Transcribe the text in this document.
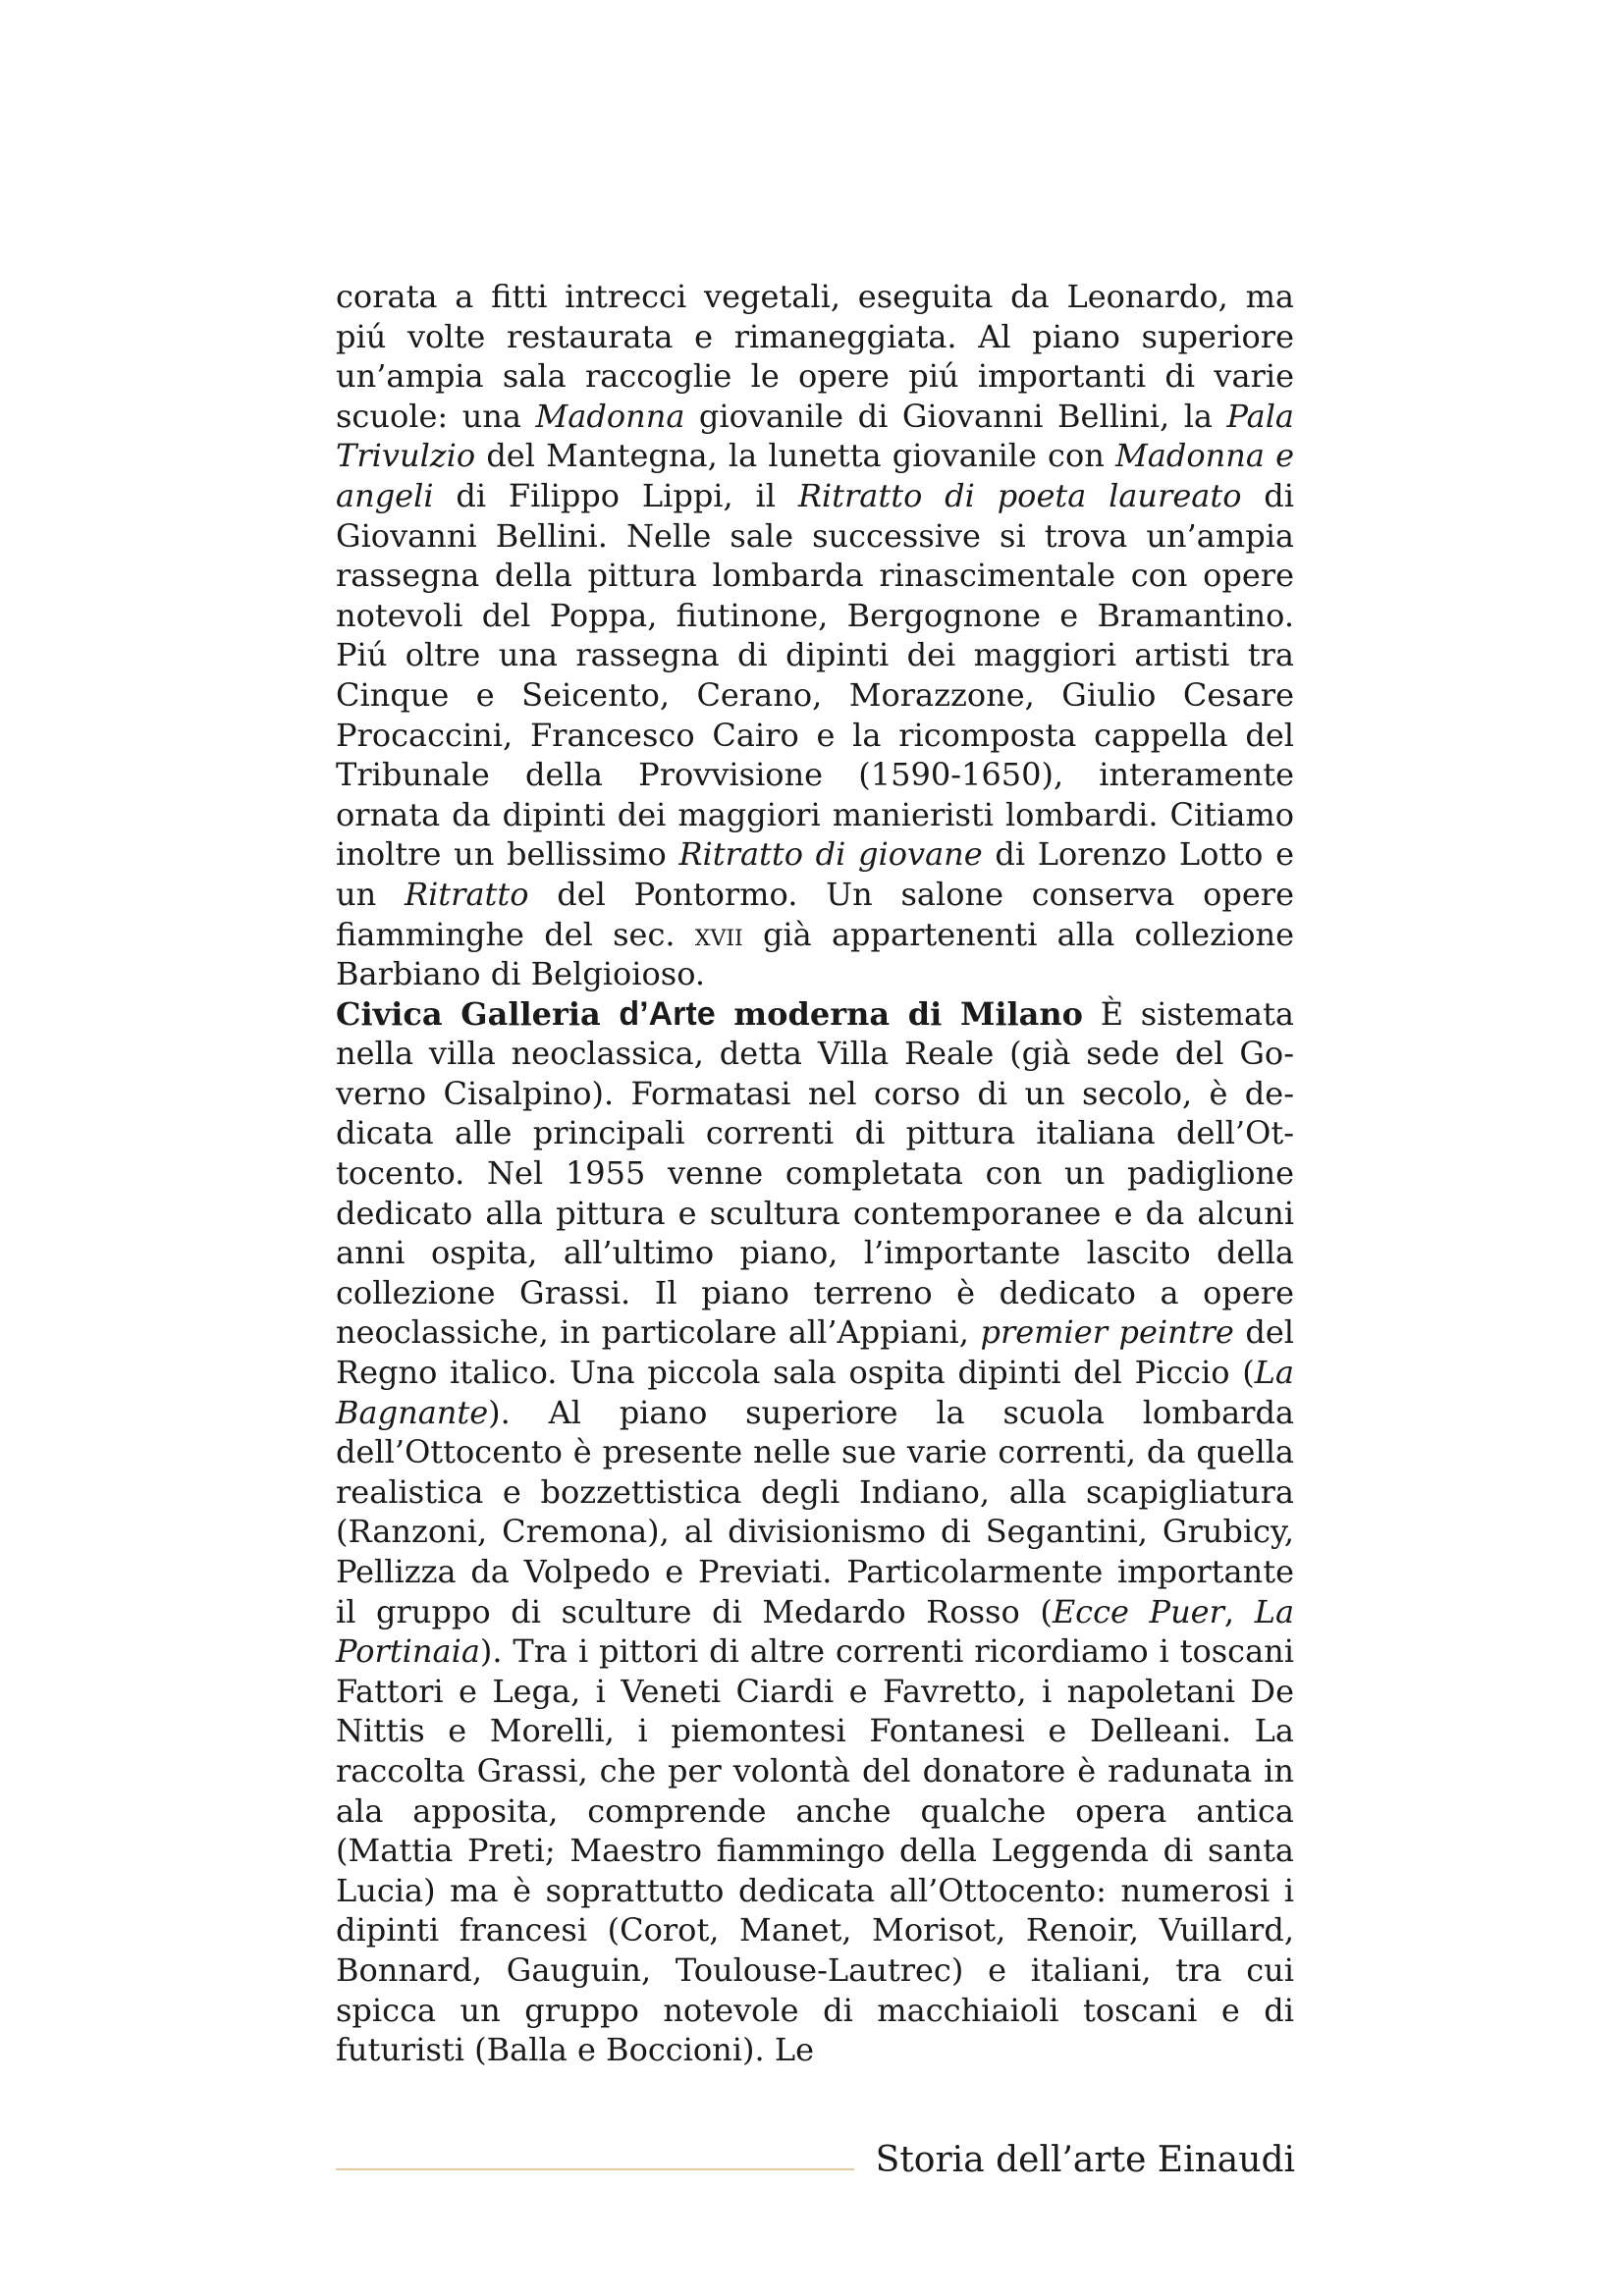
corata a fitti intrecci vegetali, eseguita da Leonardo, ma piú volte restaurata e rimaneggiata. Al piano superiore un’ampia sala raccoglie le opere piú importanti di varie scuole: una Madonna giovanile di Giovanni Bellini, la Pala Trivulzio del Mantegna, la lunetta giovanile con Madonna e angeli di Filippo Lippi, il Ritratto di poeta laureato di Giovanni Bellini. Nelle sale successive si trova un’ampia rassegna della pittura lombarda rinascimentale con opere notevoli del Poppa, fiutinone, Bergognone e Bramantino. Piú oltre una rassegna di dipinti dei maggiori artisti tra Cinque e Seicento, Cerano, Morazzone, Giulio Cesare Procaccini, Francesco Cairo e la ricomposta cappella del Tribunale della Provvisione (1590-1650), interamente ornata da dipinti dei maggiori manieristi lombardi. Citiamo inoltre un bellissimo Ritratto di giovane di Lorenzo Lotto e un Ritratto del Pontormo. Un salone conserva opere fiamminghe del sec. xvii già appartenenti alla collezione Barbiano di Belgioioso.

Civica Galleria d’Arte moderna di Milano È sistemata nella villa neoclassica, detta Villa Reale (già sede del Governo Cisalpino). Formatasi nel corso di un secolo, è dedicata alle principali correnti di pittura italiana dell’Ottocento. Nel 1955 venne completata con un padiglione dedicato alla pittura e scultura contemporanee e da alcuni anni ospita, all’ultimo piano, l’importante lascito della collezione Grassi. Il piano terreno è dedicato a opere neoclassiche, in particolare all’Appiani, premier peintre del Regno italico. Una piccola sala ospita dipinti del Piccio (La Bagnante). Al piano superiore la scuola lombarda dell’Ottocento è presente nelle sue varie correnti, da quella realistica e bozzettistica degli Indiano, alla scapigliatura (Ranzoni, Cremona), al divisionismo di Segantini, Grubicy, Pellizza da Volpedo e Previati. Particolarmente importante il gruppo di sculture di Medardo Rosso (Ecce Puer, La Portinaia). Tra i pittori di altre correnti ricordiamo i toscani Fattori e Lega, i Veneti Ciardi e Favretto, i napoletani De Nittis e Morelli, i piemontesi Fontanesi e Delleani. La raccolta Grassi, che per volontà del donatore è radunata in ala apposita, comprende anche qualche opera antica (Mattia Preti; Maestro fiammingo della Leggenda di santa Lucia) ma è soprattutto dedicata all’Ottocento: numerosi i dipinti francesi (Corot, Manet, Morisot, Renoir, Vuillard, Bonnard, Gauguin, Toulouse-Lautrec) e italiani, tra cui spicca un gruppo notevole di macchiaioli toscani e di futuristi (Balla e Boccioni). Le

Storia dell’arte Einaudi
